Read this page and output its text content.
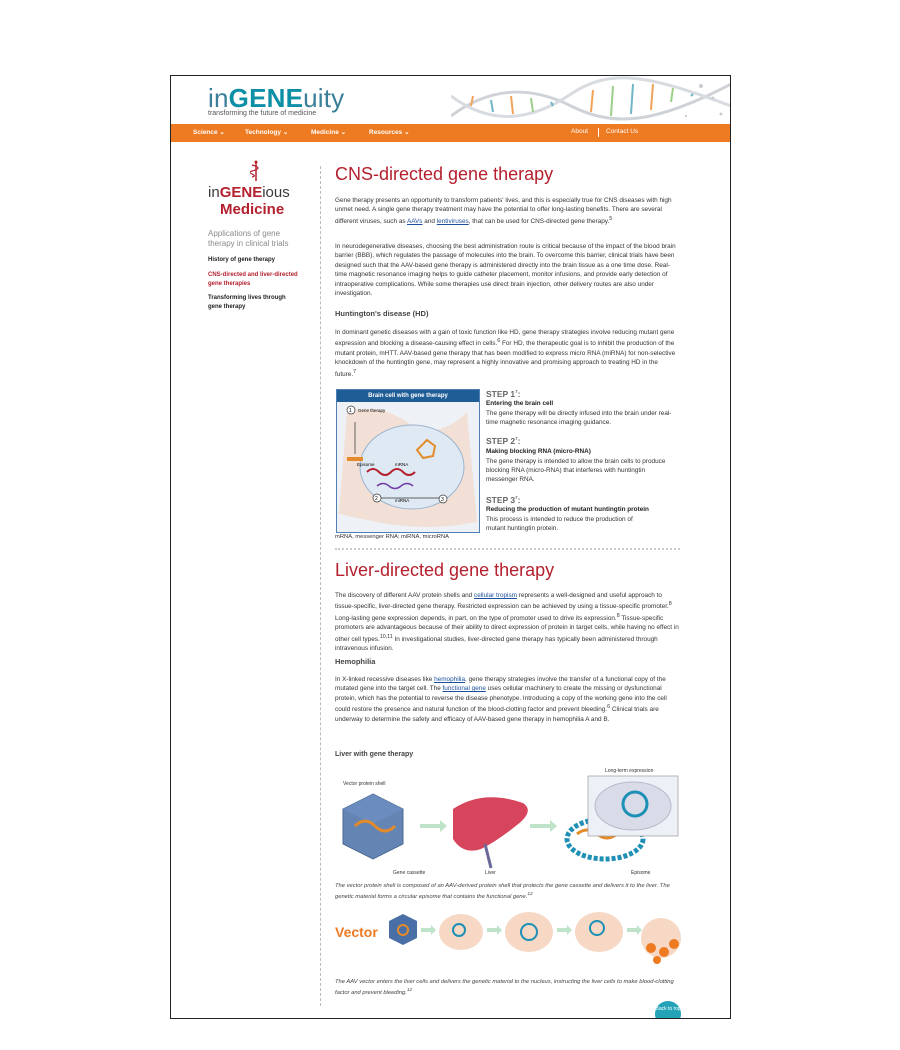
inGENEuity
transforming the future of medicine
Science ⌄	Technology ⌄	Medicine ⌄	Resources ⌄	About	Contact Us
inGENEious
Medicine
Applications of gene therapy in clinical trials
History of gene therapy
CNS-directed and liver-directed gene therapies
Transforming lives through gene therapy
CNS-directed gene therapy

Gene therapy presents an opportunity to transform patients' lives, and this is especially true for CNS diseases with high unmet need. A single gene therapy treatment may have the potential to offer long-lasting benefits. There are several different viruses, such as AAVs and lentiviruses, that can be used for CNS-directed gene therapy.$^5$

In neurodegenerative diseases, choosing the best administration route is critical because of the impact of the blood brain barrier (BBB), which regulates the passage of molecules into the brain. To overcome this barrier, clinical trials have been designed such that the AAV-based gene therapy is administered directly into the brain tissue as a one time dose. Real-time magnetic resonance imaging helps to guide catheter placement, monitor infusions, and provide early detection of intraoperative complications. While some therapies use direct brain injection, other delivery routes are also under investigation.

Huntington's disease (HD)

In dominant genetic diseases with a gain of toxic function like HD, gene therapy strategies involve reducing mutant gene expression and blocking a disease-causing effect in cells.$^6$ For HD, the therapeutic goal is to inhibit the production of the mutant protein, mHTT. AAV-based gene therapy that has been modified to express micro RNA (miRNA) for non-selective knockdown of the huntingtin gene, may represent a highly innovative and promising approach to treating HD in the future.$^7$

Brain cell with gene therapy
1
2	3
Gene therapy
Episome	mRNA
miRNA
mRNA, messenger RNA; miRNA, microRNA
STEP $1^7$:
Entering the brain cell
The gene therapy will be directly infused into the brain under real-time magnetic resonance imaging guidance.
STEP $2^7$:
Making blocking RNA (micro-RNA)
The gene therapy is intended to allow the brain cells to produce blocking RNA (micro-RNA) that interferes with huntingtin messenger RNA.
STEP $3^7$:
Reducing the production of mutant huntingtin protein
This process is intended to reduce the production of mutant huntingtin protein.
Liver-directed gene therapy

The discovery of different AAV protein shells and cellular tropism represents a well-designed and useful approach to tissue-specific, liver-directed gene therapy. Restricted expression can be achieved by using a tissue-specific promoter.$^8$ Long-lasting gene expression depends, in part, on the type of promoter used to drive its expression.$^8$ Tissue-specific promoters are advantageous because of their ability to direct expression of protein in target cells, while having no effect in other cell types.$^{10,11}$ In investigational studies, liver-directed gene therapy has typically been administered through intravenous infusion.

Hemophilia

In X-linked recessive diseases like hemophilia, gene therapy strategies involve the transfer of a functional copy of the mutated gene into the target cell. The functional gene uses cellular machinery to create the missing or dysfunctional protein, which has the potential to reverse the disease phenotype. Introducing a copy of the working gene into the cell could restore the presence and natural function of the blood-clotting factor and prevent bleeding.$^6$ Clinical trials are underway to determine the safety and efficacy of AAV-based gene therapy in hemophilia A and B.

Liver with gene therapy
Vector protein shell
Gene cassette	Liver	Episome
Long-term expression
The vector protein shell is composed of an AAV-derived protein shell that protects the gene cassette and delivers it to the liver. The genetic material forms a circular episome that contains the functional gene.$^{12}$
Vector
The AAV vector enters the liver cells and delivers the genetic material to the nucleus, instructing the liver cells to make blood-clotting factor and prevent bleeding.$^{12}$
Back to top
